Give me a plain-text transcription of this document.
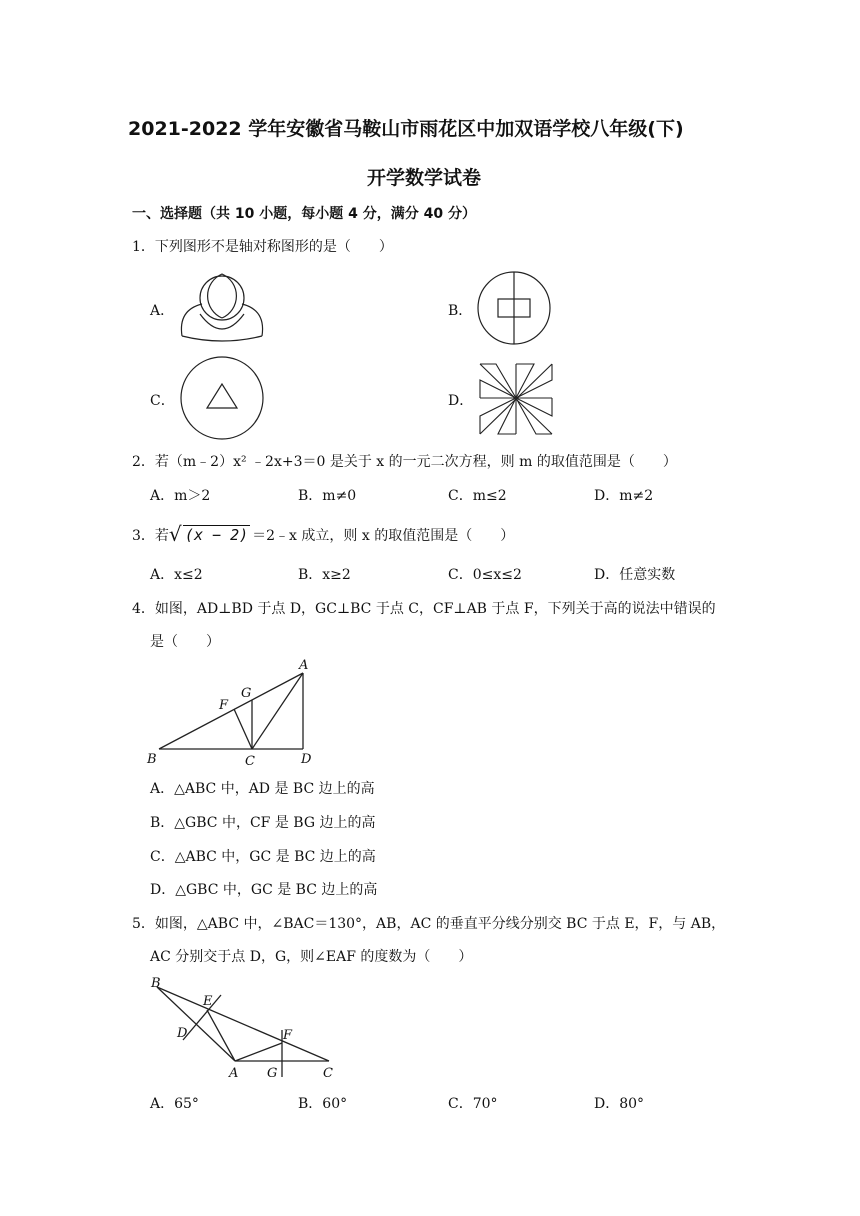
2021-2022 学年安徽省马鞍山市雨花区中加双语学校八年级(下)
开学数学试卷
一、选择题（共 10 小题，每小题 4 分，满分 40 分）
1．下列图形不是轴对称图形的是（　　）
A．	B．
C．	D．
2．若（m﹣2）x² ﹣2x+3＝0 是关于 x 的一元二次方程，则 m 的取值范围是（　　）
A．m＞2	B．m≠0	C．m≤2	D．m≠2
3．若 √ (x − 2) ＝2﹣x 成立，则 x 的取值范围是（　　）
A．x≤2	B．x≥2	C．0≤x≤2	D．任意实数
4．如图，AD⊥BD 于点 D，GC⊥BC 于点 C，CF⊥AB 于点 F，下列关于高的说法中错误的
是（　　）
A
G
F
B	C	D
A．△ABC 中，AD 是 BC 边上的高
B．△GBC 中，CF 是 BG 边上的高
C．△ABC 中，GC 是 BC 边上的高
D．△GBC 中，GC 是 BC 边上的高
5．如图，△ABC 中，∠BAC＝130°，AB，AC 的垂直平分线分别交 BC 于点 E，F，与 AB，
AC 分别交于点 D，G，则∠EAF 的度数为（　　）
B
E
D	F
A G	C
A．65°	B．60°	C．70°	D．80°
